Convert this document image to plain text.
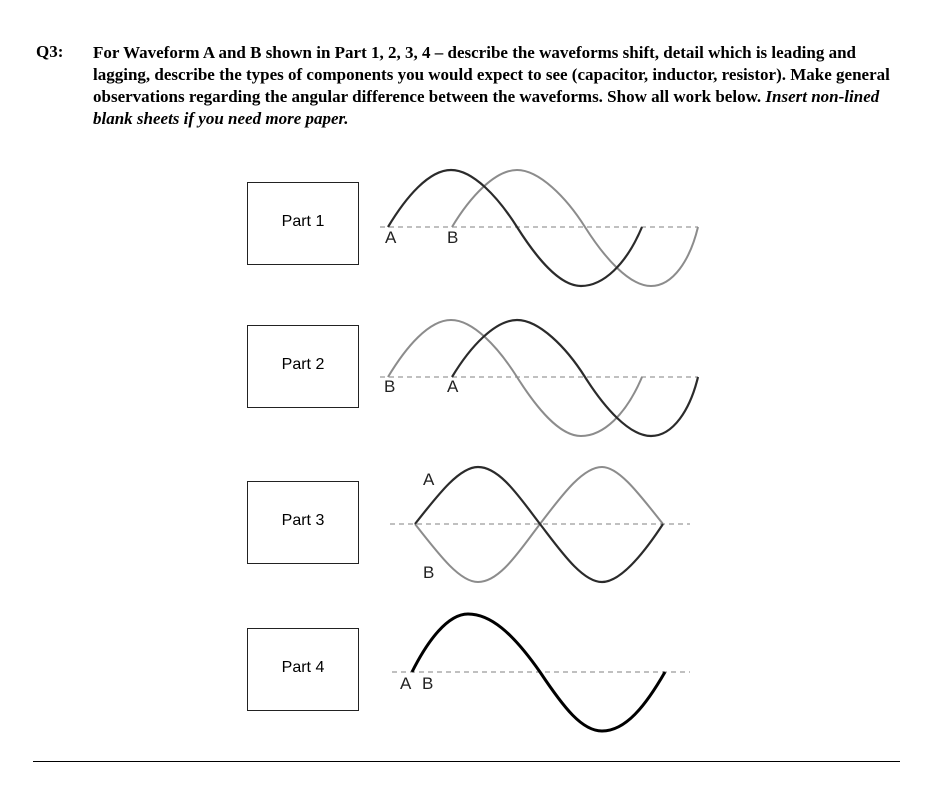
Q3: For Waveform A and B shown in Part 1, 2, 3, 4 – describe the waveforms shift, detail which is leading and lagging, describe the types of components you would expect to see (capacitor, inductor, resistor). Make general observations regarding the angular difference between the waveforms. Show all work below. Insert non-lined blank sheets if you need more paper.
Part 1
Part 2
Part 3
Part 4
A	B
B	A
A
B
A B
